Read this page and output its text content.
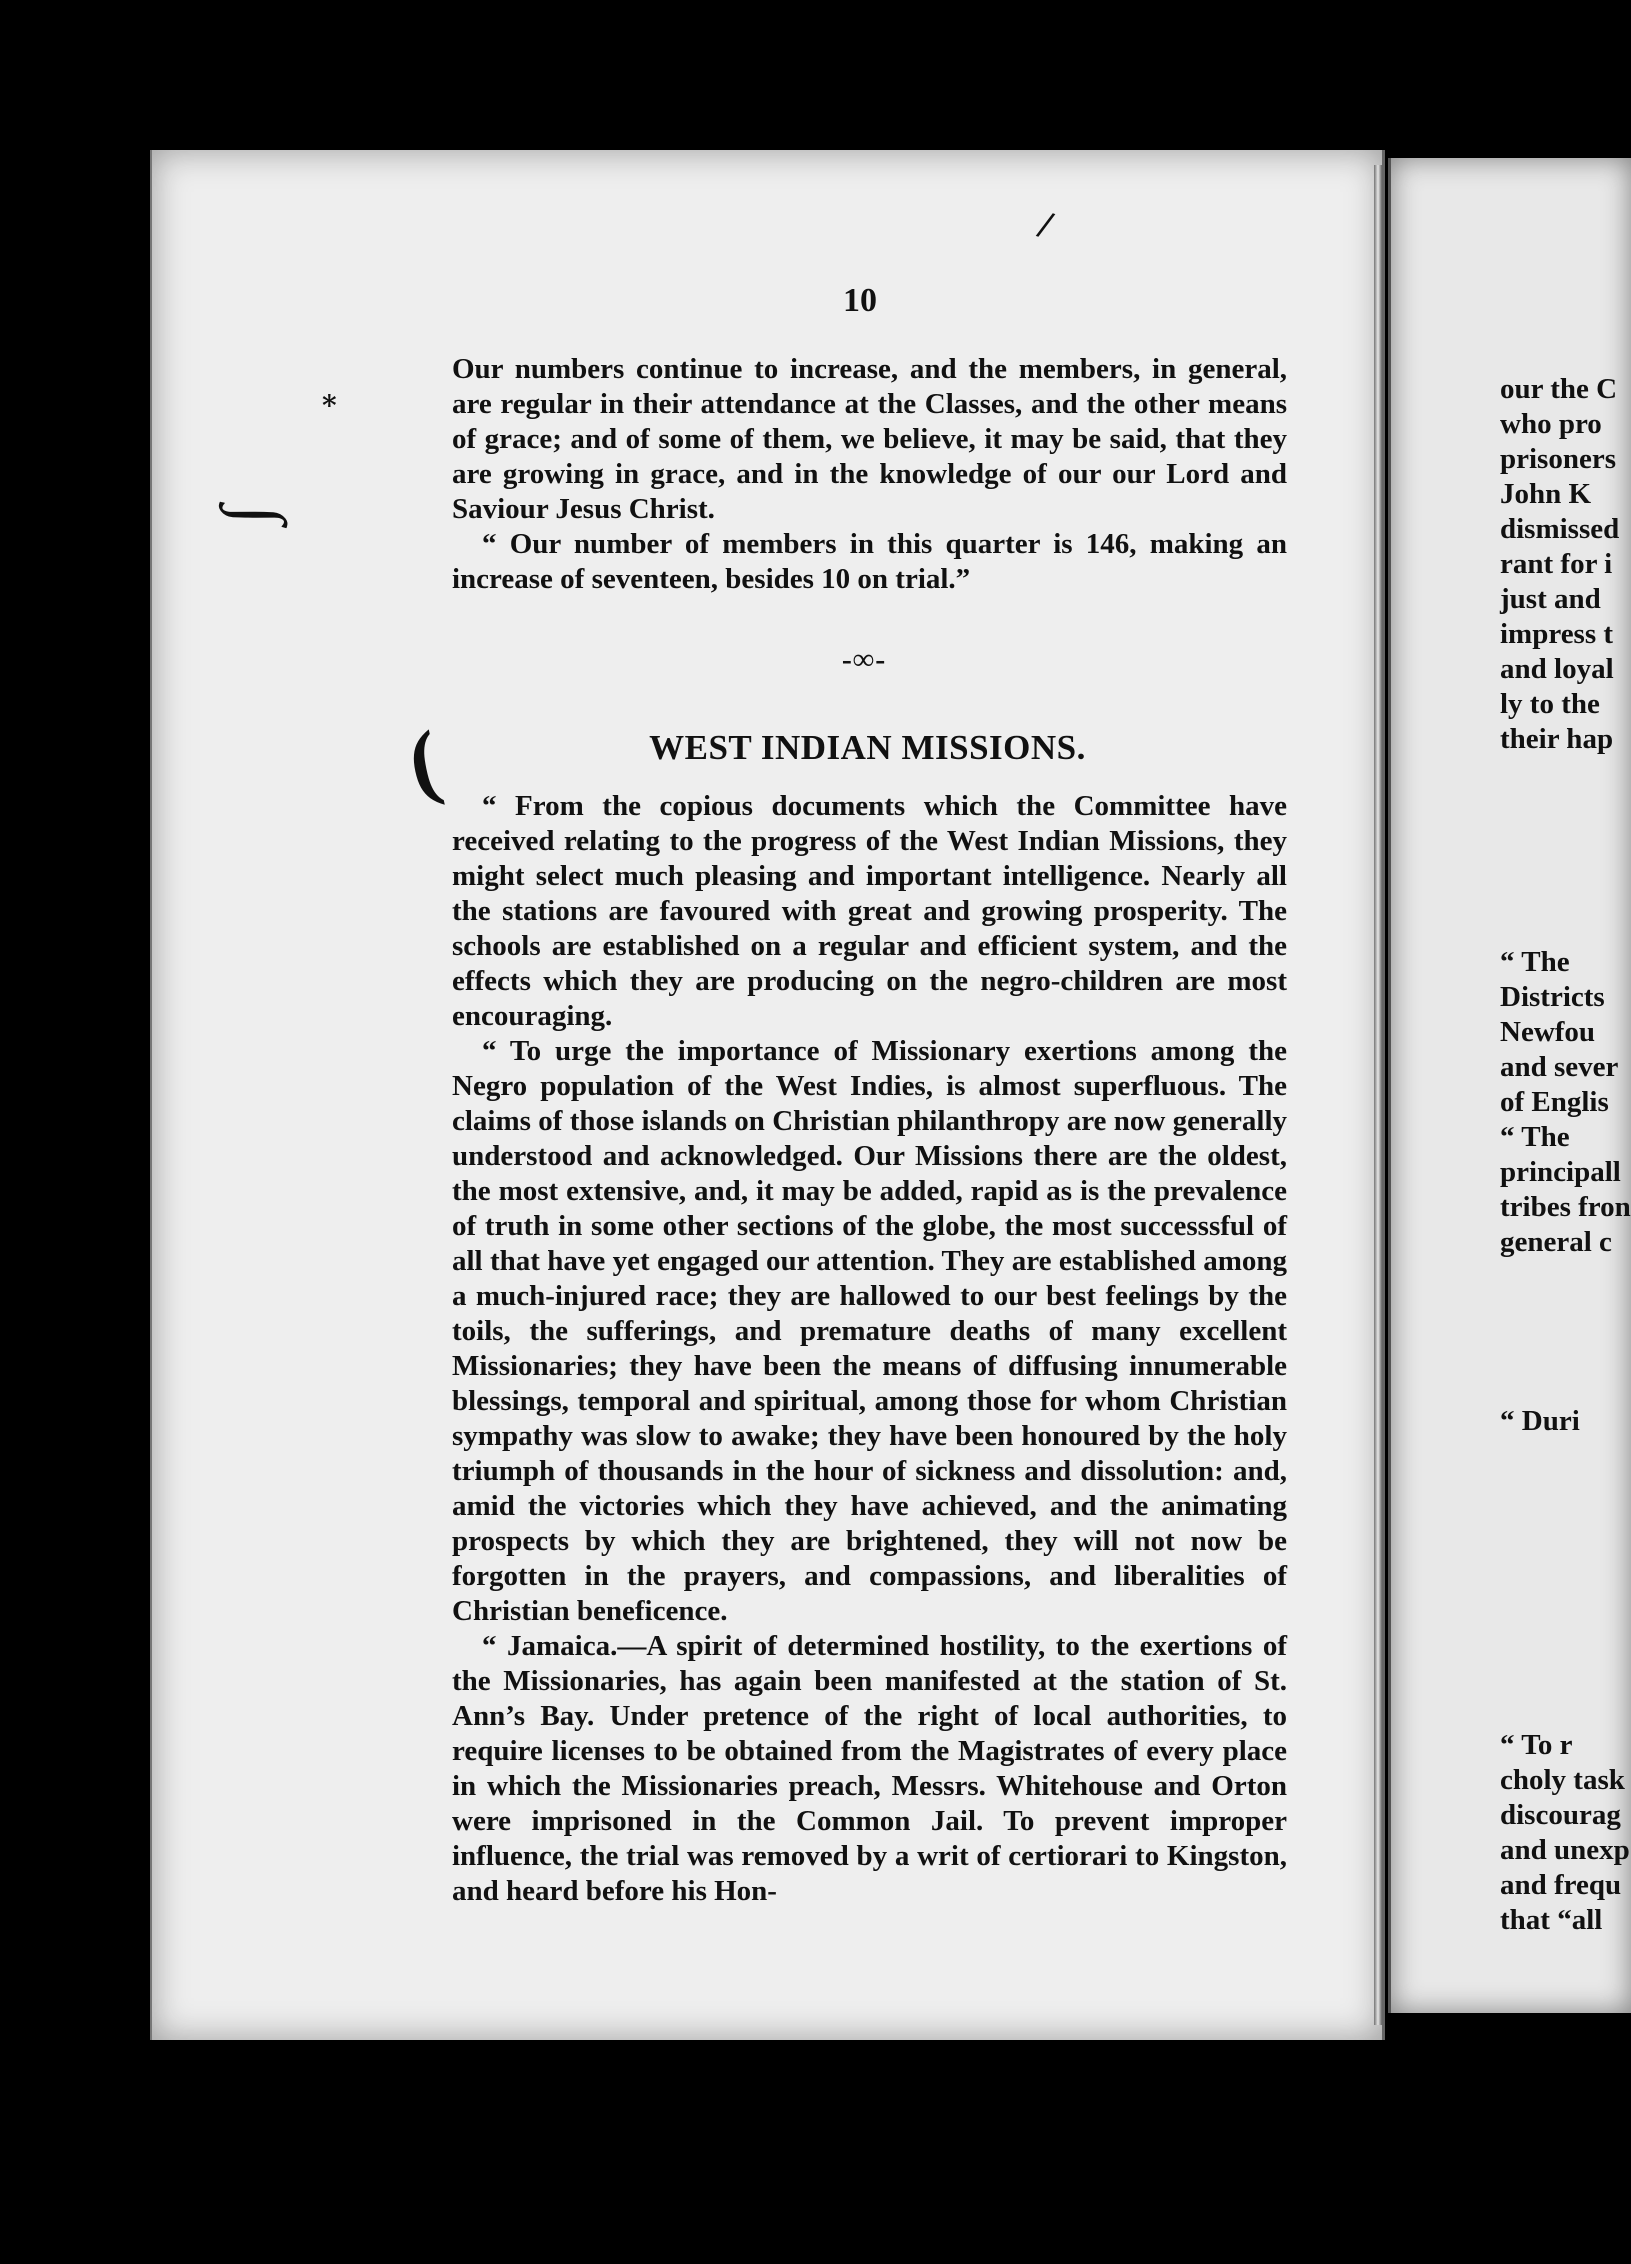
10

Our numbers continue to increase, and the members, in general, are regular in their attendance at the Classes, and the other means of grace; and of some of them, we believe, it may be said, that they are growing in grace, and in the knowledge of our our Lord and Saviour Jesus Christ.

“ Our number of members in this quarter is 146, making an increase of seventeen, besides 10 on trial.”

-∞-
WEST INDIAN MISSIONS.

“ From the copious documents which the Committee have received relating to the progress of the West Indian Missions, they might select much pleasing and important intelligence. Nearly all the stations are favoured with great and growing prosperity. The schools are established on a regular and efficient system, and the effects which they are producing on the negro-children are most encouraging.

“ To urge the importance of Missionary exertions among the Negro population of the West Indies, is almost superfluous. The claims of those islands on Christian philanthropy are now generally understood and acknowledged. Our Missions there are the oldest, the most extensive, and, it may be added, rapid as is the prevalence of truth in some other sections of the globe, the most successsful of all that have yet engaged our attention. They are established among a much-injured race; they are hallowed to our best feelings by the toils, the sufferings, and premature deaths of many excellent Missionaries; they have been the means of diffusing innumerable blessings, temporal and spiritual, among those for whom Christian sympathy was slow to awake; they have been honoured by the holy triumph of thousands in the hour of sickness and dissolution: and, amid the victories which they have achieved, and the animating prospects by which they are brightened, they will not now be forgotten in the prayers, and compassions, and liberalities of Christian beneficence.

“ Jamaica.—A spirit of determined hostility, to the exertions of the Missionaries, has again been manifested at the station of St. Ann’s Bay. Under pretence of the right of local authorities, to require licenses to be obtained from the Magistrates of every place in which the Missionaries preach, Messrs. Whitehouse and Orton were imprisoned in the Common Jail. To prevent improper influence, the trial was removed by a writ of certiorari to Kingston, and heard before his Hon-

our the C
who pro
prisoners
John K
dismissed
rant for i
just and
impress t
and loyal
ly to the
their hap
“ The
Districts
Newfou
and sever
of Englis
“ The
principall
tribes fron
general c
“ Duri
“ To r
choly task
discourag
and unexp
and frequ
that “all
/
⁎
∫
(
